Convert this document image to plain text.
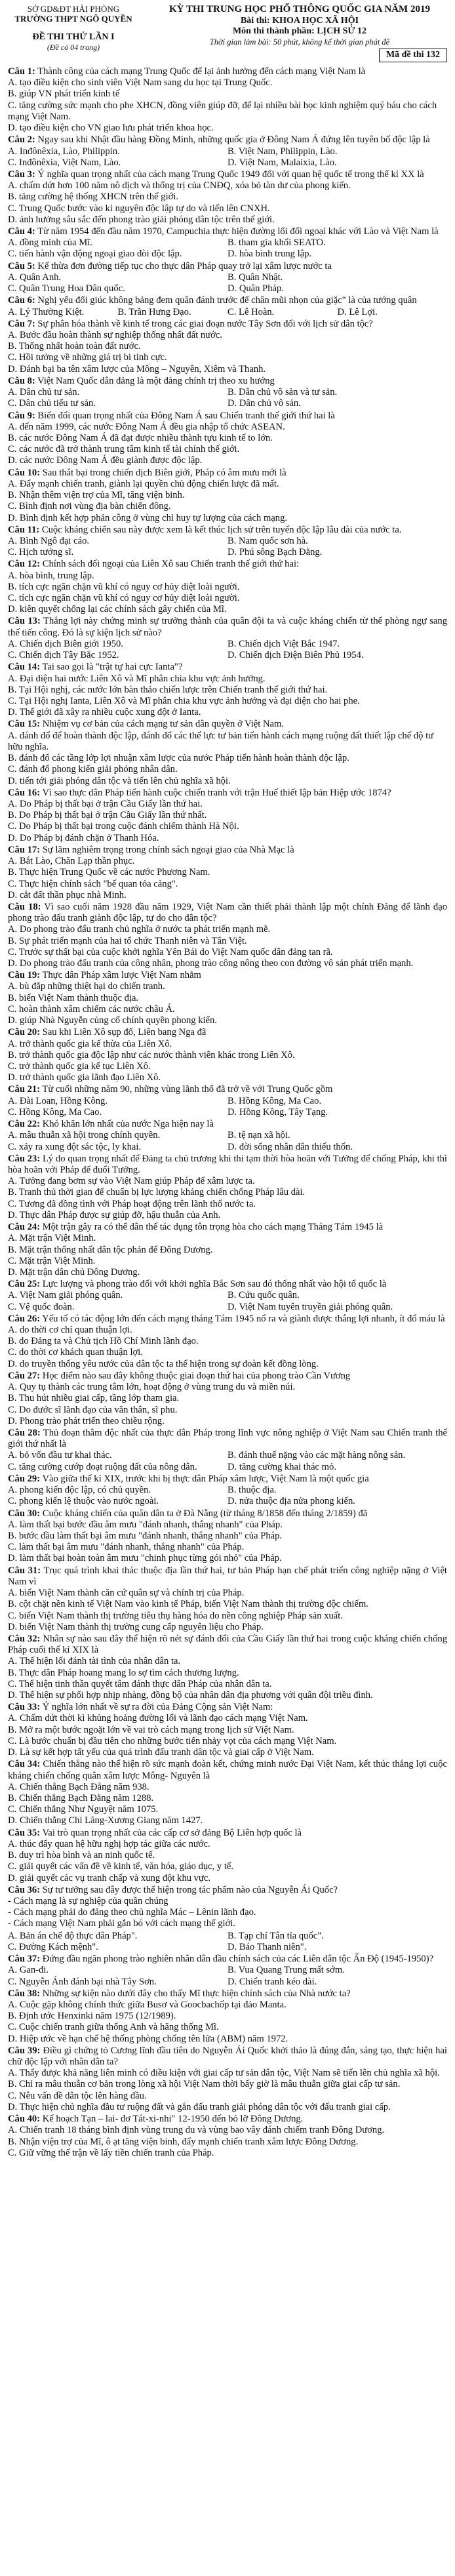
SỞ GD&ĐT HẢI PHÒNG
TRƯỜNG THPT NGÔ QUYỀN
ĐỀ THI THỬ LẦN I
(Đề có 04 trang)
KỲ THI TRUNG HỌC PHỔ THÔNG QUỐC GIA NĂM 2019
Bài thi: KHOA HỌC XÃ HỘI
Môn thi thành phần: LỊCH SỬ 12
Thời gian làm bài: 50 phút, không kể thời gian phát đề
Mã đề thi 132
Câu 1: Thành công của cách mạng Trung Quốc để lại ảnh hưởng đến cách mạng Việt Nam là
A. tạo điều kiện cho sinh viên Việt Nam sang du học tại Trung Quốc.
B. giúp VN phát triển kinh tế
C. tăng cường sức mạnh cho phe XHCN, đồng viên giúp đỡ, để lại nhiều bài học kinh nghiệm quý báu cho cách mạng Việt Nam.
D. tạo điều kiện cho VN giao lưu phát triển khoa học.
Câu 2: Ngay sau khi Nhật đầu hàng Đồng Minh, những quốc gia ở Đông Nam Á đứng lên tuyên bố độc lập là
A. Inđônêxia, Lào, Philippin.	B. Việt Nam, Philippin, Lào.
C. Inđônêxia, Việt Nam, Lào.	D. Việt Nam, Malaixia, Lào.
Câu 3: Ý nghĩa quan trọng nhất của cách mạng Trung Quốc 1949 đối với quan hệ quốc tế trong thế kỉ XX là
A. chấm dứt hơn 100 năm nô dịch và thống trị của CNĐQ, xóa bỏ tàn dư của phong kiến.
B. tăng cường hệ thống XHCN trên thế giới.
C. Trung Quốc bước vào kỉ nguyên độc lập tự do và tiến lên CNXH.
D. ảnh hưởng sâu sắc đến phong trào giải phóng dân tộc trên thế giới.
Câu 4: Từ năm 1954 đến đầu năm 1970, Campuchia thực hiện đường lối đối ngoại khác với Lào và Việt Nam là
A. đồng minh của Mĩ.	B. tham gia khối SEATO.
C. tiến hành vận động ngoại giao đòi độc lập.	D. hòa bình trung lập.
Câu 5: Kế thừa đơn đường tiếp tục cho thực dân Pháp quay trở lại xâm lược nước ta
A. Quân Anh.	B. Quân Nhật.
C. Quân Trung Hoa Dân quốc.	D. Quân Pháp.
Câu 6: Nghị yếu đối giúc không bảng đem quân đánh trước để chân mũi nhọn của giặc" là của tướng quân
A. Lý Thường Kiệt.	B. Trần Hưng Đạo.	C. Lê Hoàn.	D. Lê Lợi.
Câu 7: Sự phân hóa thành về kinh tế trong các giai đoạn nước Tây Sơn đối với lịch sử dân tộc?
A. Bước đầu hoàn thành sự nghiệp thống nhất đất nước.
B. Thống nhất hoàn toàn đất nước.
C. Hồi tưởng về những giá trị bi tinh cực.
D. Đánh bại ba tên xâm lược của Mông – Nguyên, Xiêm và Thanh.
Câu 8: Việt Nam Quốc dân đảng là một đảng chính trị theo xu hướng
A. Dân chủ tư sản.	B. Dân chủ vô sản và tư sản.
C. Dân chủ tiểu tư sản.	D. Dân chủ vô sản.
Câu 9: Biến đổi quan trọng nhất của Đông Nam Á sau Chiến tranh thế giới thứ hai là
A. đến năm 1999, các nước Đông Nam Á đều gia nhập tổ chức ASEAN.
B. các nước Đông Nam Á đã đạt được nhiều thành tựu kinh tế to lớn.
C. các nước đã trở thành trung tâm kinh tế tài chính thế giới.
D. các nước Đông Nam Á đều giành được độc lập.
Câu 10: Sau thắt bại trong chiến dịch Biên giới, Pháp có âm mưu mới là
A. Đẩy mạnh chiến tranh, giành lại quyền chủ động chiến lược đã mất.
B. Nhận thêm viện trợ của Mĩ, tăng viện binh.
C. Bình định nơi vùng địa bàn chiến đông.
D. Bình định kết hợp phản công ở vùng chỉ huy tự lượng của cách mạng.
Câu 11: Cuộc kháng chiến sau này được xem là kết thúc lịch sử trên tuyến độc lập lâu dài của nước ta.
A. Bình Ngô đại cáo.	B. Nam quốc sơn hà.
C. Hịch tướng sĩ.	D. Phú sông Bạch Đằng.
Câu 12: Chính sách đối ngoại của Liên Xô sau Chiến tranh thế giới thứ hai:
A. hòa bình, trung lập.
B. tích cực ngăn chặn vũ khí có nguy cơ hủy diệt loài người.
C. tích cực ngăn chặn vũ khí có nguy cơ hủy diệt loài người.
D. kiên quyết chống lại các chính sách gây chiến của Mĩ.
Câu 13: Thắng lợi này chứng minh sự trưởng thành của quân đội ta và cuộc kháng chiến từ thế phòng ngự sang thế tiến công. Đó là sự kiện lịch sử nào?
A. Chiến dịch Biên giới 1950.	B. Chiến dịch Việt Bắc 1947.
C. Chiến dịch Tây Bắc 1952.	D. Chiến dịch Điện Biên Phủ 1954.
Câu 14: Tai sao gọi là "trật tự hai cực Ianta"?
A. Đại diện hai nước Liên Xô và Mĩ phân chia khu vực ảnh hưởng.
B. Tại Hội nghị, các nước lớn bàn thảo chiến lược trên Chiến tranh thế giới thứ hai.
C. Tại Hội nghị Ianta, Liên Xô và Mĩ phân chia khu vực ảnh hưởng và đại diện cho hai phe.
D. Thế giới đã xây ra nhiều cuộc xung đột ở Ianta.
Câu 15: Nhiệm vụ cơ bản của cách mạng tư sản dân quyền ở Việt Nam.
A. đánh đổ để hoàn thành độc lập, đánh đổ các thế lực tư bản tiến hành cách mạng ruộng đất thiết lập chế độ tư hữu nghĩa.
B. đánh đổ các tầng lớp lợi nhuận xâm lược của nước Pháp tiến hành hoàn thành độc lập.
C. đánh đổ phong kiến giải phóng nhân dân.
D. tiến tới giải phóng dân tộc và tiến lên chủ nghĩa xã hội.
Câu 16: Vì sao thực dân Pháp tiến hành cuộc chiến tranh với trận Huế thiết lập bản Hiệp ước 1874?
A. Do Pháp bị thất bại ở trận Cầu Giấy lần thứ hai.
B. Do Pháp bị thất bại ở trận Cầu Giấy lần thứ nhất.
C. Do Pháp bị thất bại trong cuộc đánh chiếm thành Hà Nội.
D. Do Pháp bị đánh chặn ở Thanh Hóa.
Câu 17: Sự lãm nghiêm trọng trong chính sách ngoại giao của Nhà Mạc là
A. Bắt Lào, Chăn Lạp thần phục.
B. Thực hiện Trung Quốc về các nước Phương Nam.
C. Thực hiện chính sách "bế quan tỏa cảng".
D. cắt đất thần phục nhà Minh.
Câu 18: Vì sao cuối năm 1928 đầu năm 1929, Việt Nam cần thiết phải thành lập một chính Đảng để lãnh đạo phong trào đấu tranh giành độc lập, tự do cho dân tộc?
A. Do phong trào đấu tranh chủ nghĩa ở nước ta phát triển mạnh mẽ.
B. Sự phát triển mạnh của hai tổ chức Thanh niên và Tân Việt.
C. Trước sự thất bại của cuộc khởi nghĩa Yên Bái do Việt Nam quốc dân đảng tan rã.
D. Do phong trào đấu tranh của công nhân, phong trào công nông theo con đường vô sản phát triển mạnh.
Câu 19: Thực dân Pháp xâm lược Việt Nam nhằm
A. bù đắp những thiệt hại do chiến tranh.
B. biến Việt Nam thành thuộc địa.
C. hoàn thành xâm chiếm các nước châu Á.
D. giúp Nhà Nguyễn củng cố chính quyền phong kiến.
Câu 20: Sau khi Liên Xô sụp đổ, Liên bang Nga đã
A. trở thành quốc gia kế thừa của Liên Xô.
B. trở thành quốc gia độc lập như các nước thành viên khác trong Liên Xô.
C. trở thành quốc gia kế tục Liên Xô.
D. trở thành quốc gia lãnh đạo Liên Xô.
Câu 21: Từ cuối những năm 90, những vùng lãnh thổ đã trở về với Trung Quốc gồm
A. Đài Loan, Hồng Kông.	B. Hồng Kông, Ma Cao.
C. Hồng Kông, Ma Cao.	D. Hồng Kông, Tây Tạng.
Câu 22: Khó khăn lớn nhất của nước Nga hiện nay là
A. mâu thuẫn xã hội trong chính quyền.	B. tệ nạn xã hội.
C. xảy ra xung đột sắc tộc, ly khai.	D. đời sống nhân dân thiếu thốn.
Câu 23: Lý do quan trọng nhất để Đảng ta chủ trương khi thi tạm thời hòa hoãn với Tưởng để chống Pháp, khi thì hòa hoãn với Pháp để đuổi Tưởng.
A. Tưởng đang bơm sự vào Việt Nam giúp Pháp để xâm lược ta.
B. Tranh thủ thời gian để chuẩn bị lực lượng kháng chiến chống Pháp lâu dài.
C. Tương đã đồng tình với Pháp hoạt động trên lãnh thổ nước ta.
D. Thực dân Pháp được sự giúp đỡ, hậu thuẫn của Anh.
Câu 24: Một trận gây ra có thể dân thể tác dụng tôn trọng hòa cho cách mạng Tháng Tám 1945 là
A. Mặt trận Việt Minh.
B. Mặt trận thống nhất dân tộc phản đế Đông Dương.
C. Mặt trận Việt Minh.
D. Mặt trận dân chủ Đông Dương.
Câu 25: Lực lượng và phong trào đối với khởi nghĩa Bắc Sơn sau đó thống nhất vào hội tổ quốc là
A. Việt Nam giải phóng quân.	B. Cứu quốc quân.
C. Vệ quốc đoàn.	D. Việt Nam tuyên truyền giải phóng quân.
Câu 26: Yếu tố có tác động lớn đến cách mạng tháng Tám 1945 nổ ra và giành được thắng lợi nhanh, ít đổ máu là
A. do thời cơ chỉ quan thuận lợi.
B. do Đảng ta và Chủ tịch Hồ Chí Minh lãnh đạo.
C. do thời cơ khách quan thuận lợi.
D. do truyền thống yêu nước của dân tộc ta thể hiện trong sự đoàn kết đồng lòng.
Câu 27: Học điểm nào sau đây không thuộc giai đoạn thứ hai của phong trào Cần Vương
A. Quy tụ thành các trung tâm lớn, hoạt động ở vùng trung du và miền núi.
B. Thu hút nhiều giai cấp, tầng lớp tham gia.
C. Do đước sĩ lãnh đạo của văn thân, sĩ phu.
D. Phong trào phát triển theo chiều rộng.
Câu 28: Thủ đoạn thâm độc nhất của thực dân Pháp trong lĩnh vực nông nghiệp ở Việt Nam sau Chiến tranh thế giới thứ nhất là
A. bỏ vốn đầu tư khai thác.	B. đánh thuế nặng vào các mặt hàng nông sản.
C. tăng cường cướp đoạt ruộng đất của nông dân.	D. tăng cường khai thác mỏ.
Câu 29: Vào giữa thế kỉ XIX, trước khi bị thực dân Pháp xâm lược, Việt Nam là một quốc gia
A. phong kiến độc lập, có chủ quyền.	B. thuộc địa.
C. phong kiến lệ thuộc vào nước ngoài.	D. nửa thuộc địa nửa phong kiến.
Câu 30: Cuộc kháng chiến của quân dân ta ở Đà Nẵng (từ tháng 8/1858 đến tháng 2/1859) đã
A. làm thất bại bước đầu âm mưu "đánh nhanh, thắng nhanh" của Pháp.
B. bước đầu làm thất bại âm mưu "đánh nhanh, thắng nhanh" của Pháp.
C. làm thất bại âm mưu "đánh nhanh, thắng nhanh" của Pháp.
D. làm thất bại hoàn toàn âm mưu "chinh phục từng gói nhỏ" của Pháp.
Câu 31: Trục quá trình khai thác thuộc địa lần thứ hai, tư bản Pháp hạn chế phát triển công nghiệp nặng ở Việt Nam vì
A. biến Việt Nam thành căn cứ quân sự và chính trị của Pháp.
B. cột chặt nền kinh tế Việt Nam vào kinh tế Pháp, biến Việt Nam thành thị trường độc chiếm.
C. biến Việt Nam thành thị trường tiêu thụ hàng hóa do nền công nghiệp Pháp sản xuất.
D. biến Việt Nam thành thị trường cung cấp nguyên liệu cho Pháp.
Câu 32: Nhân sự nào sau đây thể hiện rõ nét sự đánh đổi của Cầu Giấy lần thứ hai trong cuộc kháng chiến chống Pháp cuối thế kỉ XIX là
A. Thế hiện lối đánh tài tình của nhân dân ta.
B. Thực dân Pháp hoang mang lo sợ tìm cách thương lượng.
C. Thể hiện tinh thần quyết tâm đánh thực dân Pháp của nhân dân ta.
D. Thể hiện sự phối hợp nhịp nhàng, đồng bộ của nhân dân địa phương với quân đội triều đình.
Câu 33: Ý nghĩa lớn nhất về sự ra đời của Đảng Cộng sản Việt Nam:
A. Chấm dứt thời kì khủng hoảng đường lối và lãnh đạo cách mạng Việt Nam.
B. Mở ra một bước ngoặt lớn về vai trò cách mạng trong lịch sử Việt Nam.
C. Là bước chuẩn bị đầu tiên cho những bước tiến nhảy vọt của cách mạng Việt Nam.
D. Là sự kết hợp tất yếu của quá trình đấu tranh dân tộc và giai cấp ở Việt Nam.
Câu 34: Chiến thắng nào thể hiện rõ sức mạnh đoàn kết, chứng minh nước Đại Việt Nam, kết thúc thắng lợi cuộc kháng chiến chống quân xâm lược Mông- Nguyên là
A. Chiến thắng Bạch Đằng năm 938.
B. Chiến thắng Bạch Đằng năm 1288.
C. Chiến thắng Như Nguyệt năm 1075.
D. Chiến thắng Chi Lăng-Xương Giang năm 1427.
Câu 35: Vai trò quan trọng nhất của các cấp cơ sở đảng Bộ Liên hợp quốc là
A. thúc đẩy quan hệ hữu nghị hợp tác giữa các nước.
B. duy trì hòa bình và an ninh quốc tế.
C. giải quyết các vấn đề về kinh tế, văn hóa, giáo dục, y tế.
D. giải quyết các vụ tranh chấp và xung đột khu vực.
Câu 36: Sự tư tưởng sau đây được thể hiện trong tác phẩm nào của Nguyễn Ái Quốc?
- Cách mạng là sự nghiệp của quần chúng
- Cách mạng phải do đảng theo chủ nghĩa Mác – Lênin lãnh đạo.
- Cách mạng Việt Nam phải gắn bó với cách mạng thế giới.
A. Bản án chế độ thực dân Pháp".	B. Tạp chí Tân tỉa quốc".
C. Đường Kách mệnh".	D. Báo Thanh niên".
Câu 37: Đứng đầu ngăn phong trào nghiên nhân dân đầu chính sách của các Liên dân tộc Ấn Độ (1945-1950)?
A. Gan-đi.	B. Vua Quang Trung mất sớm.
C. Nguyễn Ánh đánh bại nhà Tây Sơn.	D. Chiến tranh kéo dài.
Câu 38: Những sự kiện nào dưới đây cho thấy Mĩ thực hiện chính sách của Nhà nước ta?
A. Cuộc gặp không chính thức giữa Busơ và Goocbachốp tại đảo Manta.
B. Định ước Henxinki năm 1975 (12/1989).
C. Cuộc chiến tranh giữa thống Anh và hăng thống Mĩ.
D. Hiệp ước về hạn chế hệ thống phòng chống tên lửa (ABM) năm 1972.
Câu 39: Điều gì chứng tỏ Cương lĩnh đầu tiên do Nguyễn Ái Quốc khởi thảo là đúng đắn, sáng tạo, thực hiện hai chữ độc lập với nhân dân ta?
A. Thấy được khả năng liên minh có điều kiện với giai cấp tư sản dân tộc, Việt Nam sẽ tiến lên chủ nghĩa xã hội.
B. Chỉ ra mâu thuẫn cơ bản trong lòng xã hội Việt Nam thời bấy giờ là mâu thuẫn giữa giai cấp tư sản.
C. Nêu vấn đề dân tộc lên hàng đầu.
D. Thực hiện chủ nghĩa đầu tư ruộng đất và gắn đấu tranh giải phóng dân tộc với đấu tranh giai cấp.
Câu 40: Kế hoạch Tạn – lai- đơ Tát-xi-nhi" 12-1950 đến bỏ lỡ Đông Dương.
A. Chiến tranh 18 tháng bình định vùng trung du và vùng bao vây đánh chiếm tranh Đông Dương.
B. Nhận viện trợ của Mĩ, ô ạt tăng viện binh, đẩy mạnh chiến tranh xâm lược Đông Dương.
C. Giữ vững thế trận về lấy tiền chiến tranh của Pháp.
